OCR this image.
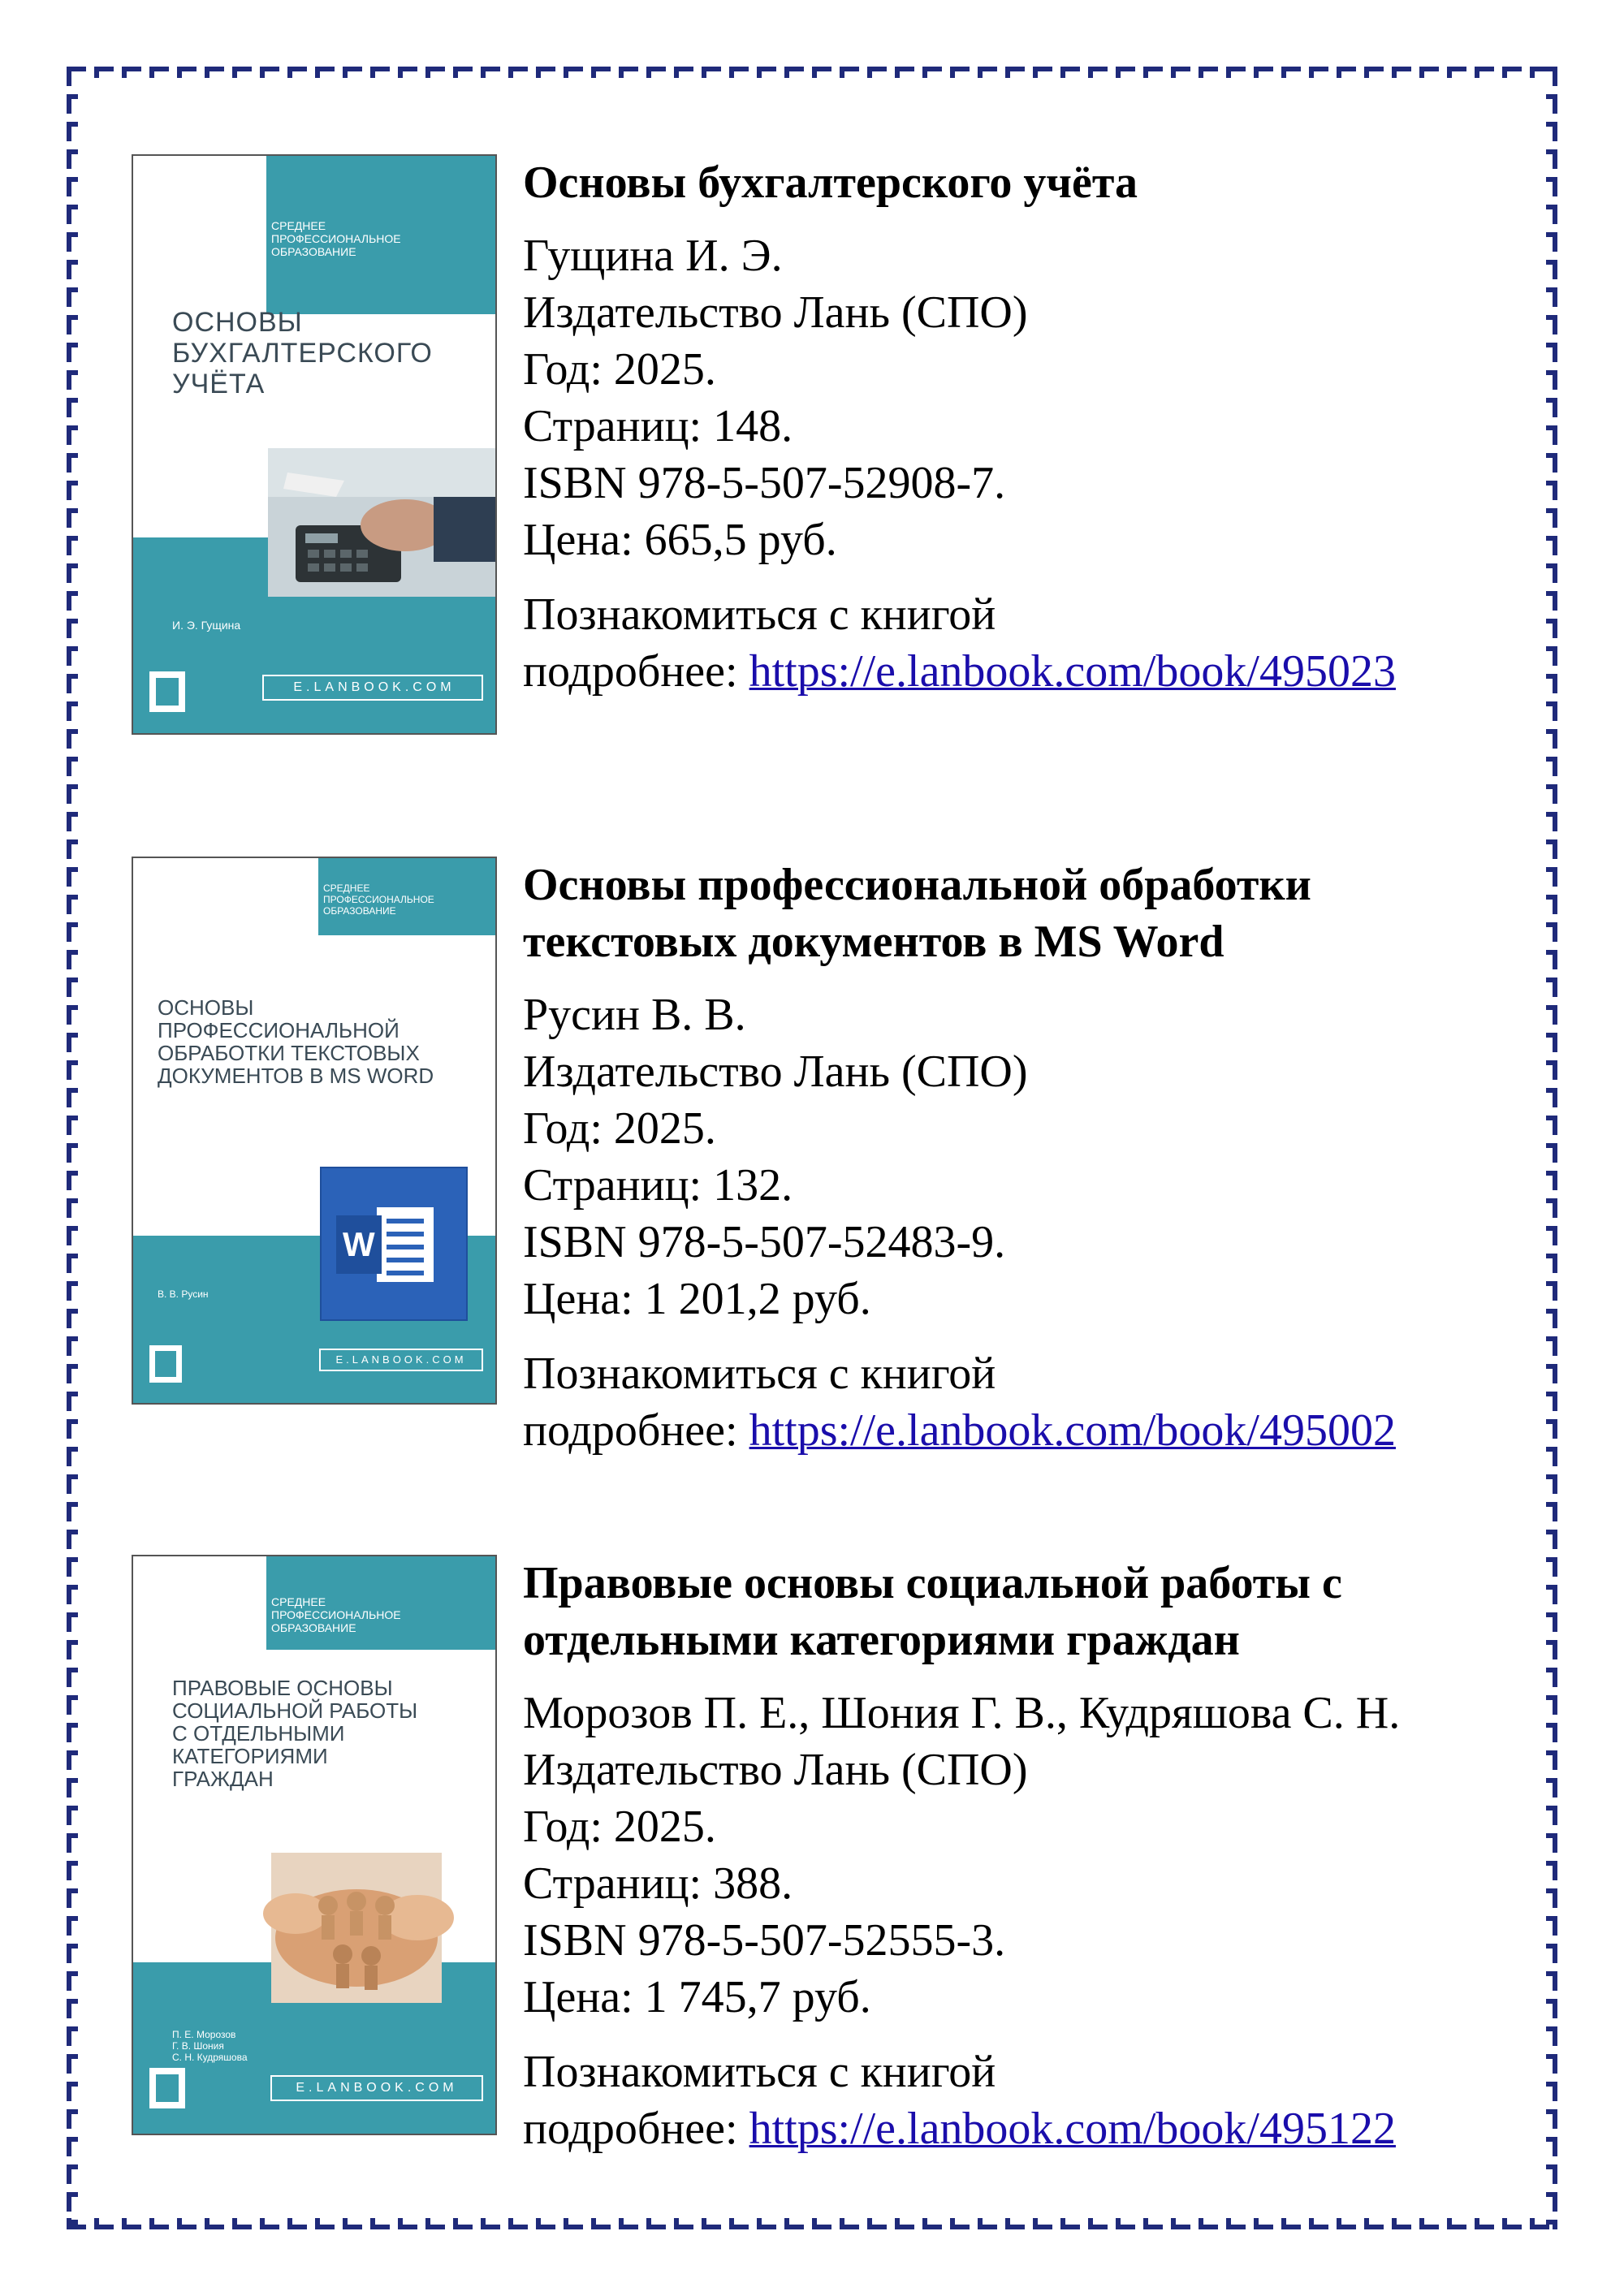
СРЕДНЕЕ
ПРОФЕССИОНАЛЬНОЕ
ОБРАЗОВАНИЕ
ОСНОВЫ
БУХГАЛТЕРСКОГО
УЧЁТА
И. Э. Гущина
E.LANBOOK.COM
Основы бухгалтерского учёта
Гущина И. Э.
Издательство Лань (СПО)
Год: 2025.
Страниц: 148.
ISBN 978-5-507-52908-7.
Цена: 665,5 руб.
Познакомиться с книгой
подробнее: https://e.lanbook.com/book/495023
W
СРЕДНЕЕ
ПРОФЕССИОНАЛЬНОЕ
ОБРАЗОВАНИЕ
ОСНОВЫ
ПРОФЕССИОНАЛЬНОЙ
ОБРАБОТКИ ТЕКСТОВЫХ
ДОКУМЕНТОВ В MS WORD
В. В. Русин
E.LANBOOK.COM
Основы профессиональной обработки
текстовых документов в MS Word
Русин В. В.
Издательство Лань (СПО)
Год: 2025.
Страниц: 132.
ISBN 978-5-507-52483-9.
Цена: 1 201,2 руб.
Познакомиться с книгой
подробнее: https://e.lanbook.com/book/495002
СРЕДНЕЕ
ПРОФЕССИОНАЛЬНОЕ
ОБРАЗОВАНИЕ
ПРАВОВЫЕ ОСНОВЫ
СОЦИАЛЬНОЙ РАБОТЫ
С ОТДЕЛЬНЫМИ
КАТЕГОРИЯМИ
ГРАЖДАН
П. Е. Морозов
Г. В. Шония
С. Н. Кудряшова
E.LANBOOK.COM
Правовые основы социальной работы с
отдельными категориями граждан
Морозов П. Е., Шония Г. В., Кудряшова С. Н.
Издательство Лань (СПО)
Год: 2025.
Страниц: 388.
ISBN 978-5-507-52555-3.
Цена: 1 745,7 руб.
Познакомиться с книгой
подробнее: https://e.lanbook.com/book/495122
